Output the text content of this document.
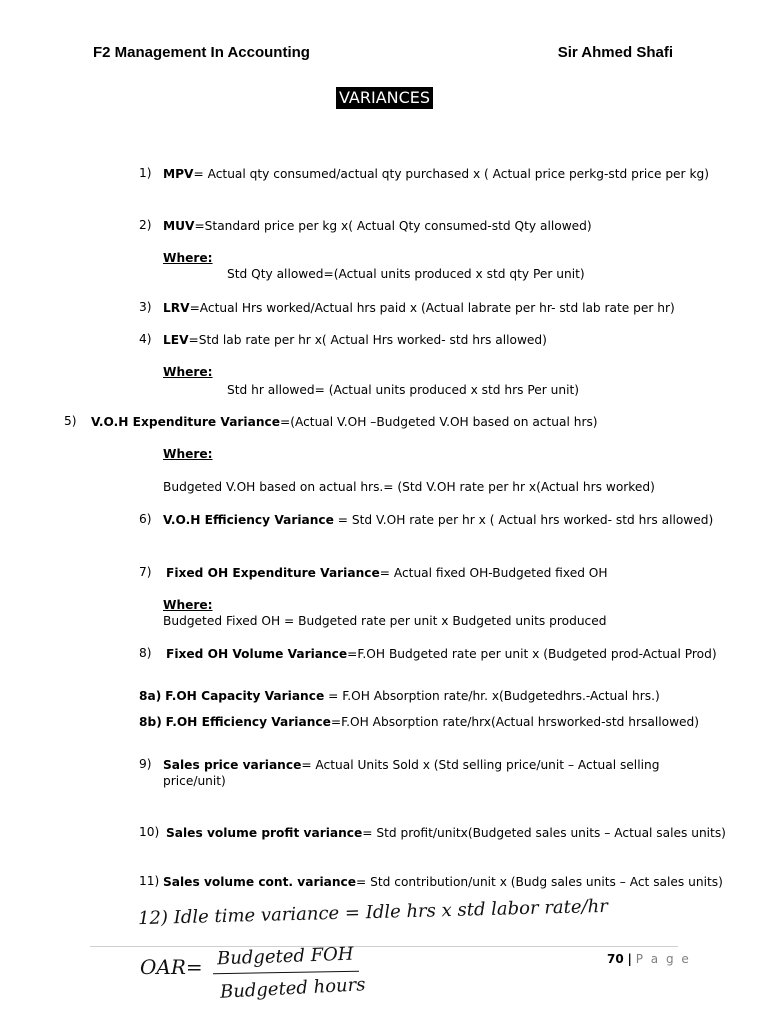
F2 Management In Accounting	Sir Ahmed Shafi
VARIANCES
1) MPV= Actual qty consumed/actual qty purchased x ( Actual price perkg-std price per kg)
2) MUV=Standard price per kg x( Actual Qty consumed-std Qty allowed)
Where:
Std Qty allowed=(Actual units produced x std qty Per unit)
3) LRV=Actual Hrs worked/Actual hrs paid x (Actual labrate per hr- std lab rate per hr)
4) LEV=Std lab rate per hr x( Actual Hrs worked- std hrs allowed)
Where:
Std hr allowed= (Actual units produced x std hrs Per unit)
5) V.O.H Expenditure Variance=(Actual V.OH –Budgeted V.OH based on actual hrs)
Where:
Budgeted V.OH based on actual hrs.= (Std V.OH rate per hr x(Actual hrs worked)
6) V.O.H Efficiency Variance = Std V.OH rate per hr x ( Actual hrs worked- std hrs allowed)
7) Fixed OH Expenditure Variance= Actual fixed OH-Budgeted fixed OH
Where:
Budgeted Fixed OH = Budgeted rate per unit x Budgeted units produced
8) Fixed OH Volume Variance=F.OH Budgeted rate per unit x (Budgeted prod-Actual Prod)
8a) F.OH Capacity Variance = F.OH Absorption rate/hr. x(Budgetedhrs.-Actual hrs.)
8b) F.OH Efficiency Variance=F.OH Absorption rate/hrx(Actual hrsworked-std hrsallowed)
9) Sales price variance= Actual Units Sold x (Std selling price/unit – Actual selling
price/unit)
10) Sales volume profit variance= Std profit/unitx(Budgeted sales units – Actual sales units)
11) Sales volume cont. variance= Std contribution/unit x (Budg sales units – Act sales units)
12) Idle time variance = Idle hrs x std labor rate/hr
70 | P a g e
OAR= Budgeted FOH
Budgeted hours
